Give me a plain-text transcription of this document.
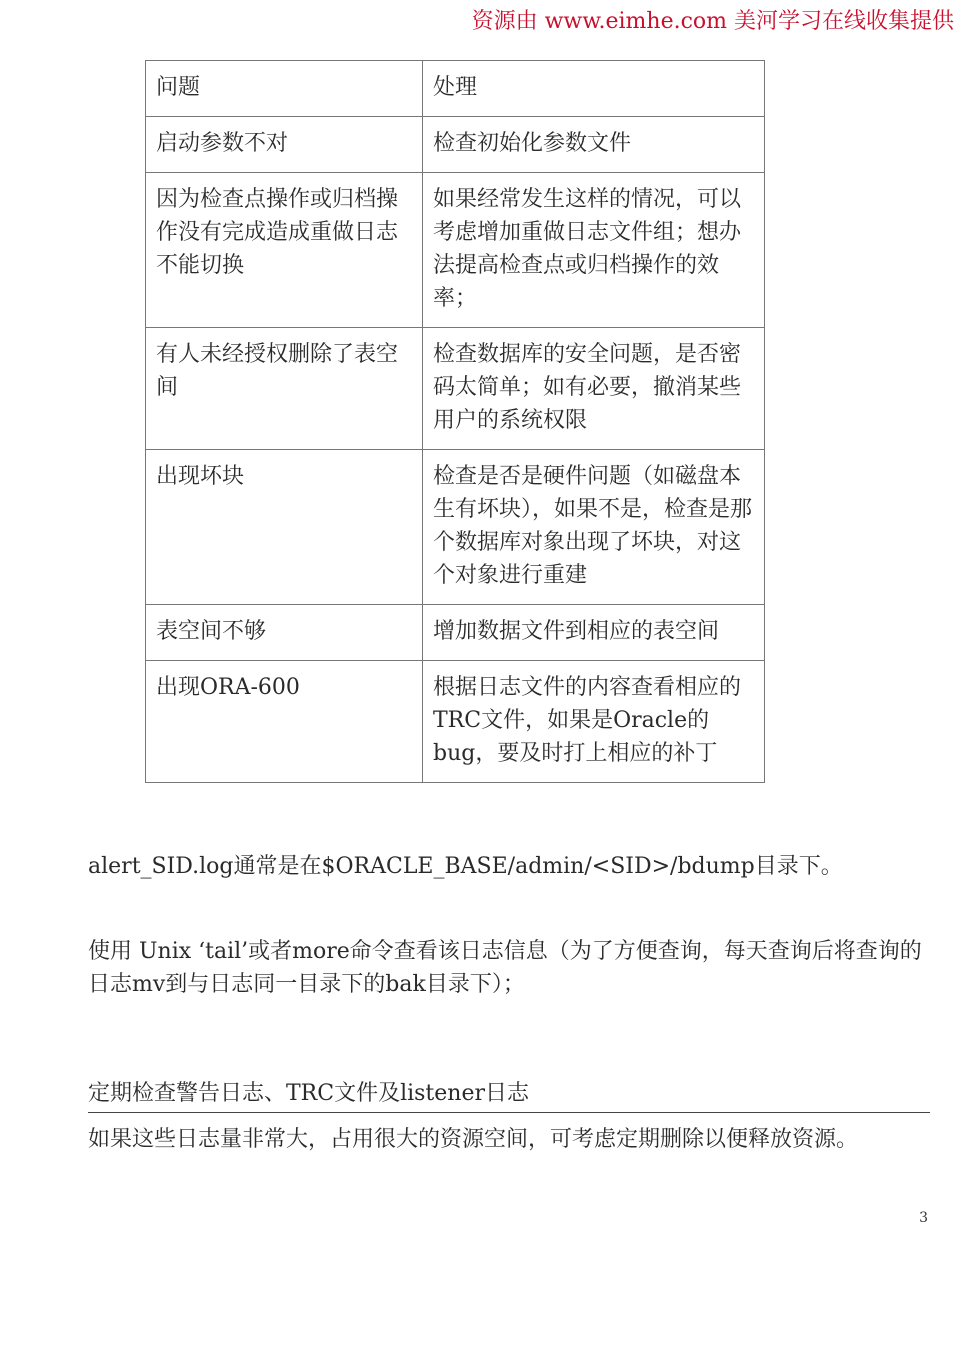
资源由 www.eimhe.com 美河学习在线收集提供
问题	处理
启动参数不对	检查初始化参数文件
因为检查点操作或归档操作没有完成造成重做日志不能切换	如果经常发生这样的情况，可以考虑增加重做日志文件组；想办法提高检查点或归档操作的效率；
有人未经授权删除了表空间	检查数据库的安全问题，是否密码太简单；如有必要，撤消某些用户的系统权限
出现坏块	检查是否是硬件问题（如磁盘本生有坏块），如果不是，检查是那个数据库对象出现了坏块，对这个对象进行重建
表空间不够	增加数据文件到相应的表空间
出现ORA-600	根据日志文件的内容查看相应的TRC文件，如果是Oracle的bug，要及时打上相应的补丁

alert_SID.log通常是在$ORACLE_BASE/admin/<SID>/bdump目录下。

使用 Unix ‘tail’或者more命令查看该日志信息（为了方便查询，每天查询后将查询的日志mv到与日志同一目录下的bak目录下）；

定期检查警告日志、TRC文件及listener日志

如果这些日志量非常大，占用很大的资源空间，可考虑定期删除以便释放资源。

3
